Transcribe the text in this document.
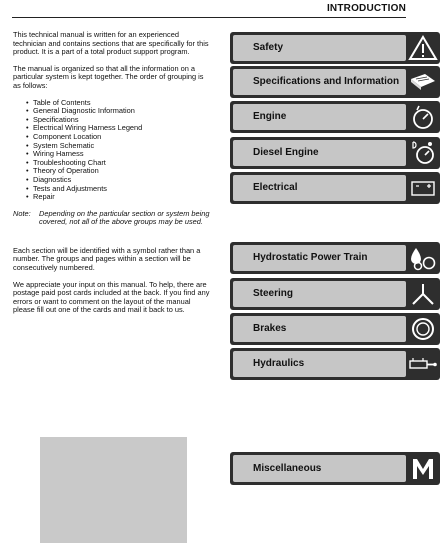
INTRODUCTION

This technical manual is written for an experienced technician and contains sections that are specifically for this product. It is a part of a total product support program.

The manual is organized so that all the information on a particular system is kept together. The order of grouping is as follows:

• Table of Contents
• General Diagnostic Information
• Specifications
• Electrical Wiring Harness Legend
• Component Location
• System Schematic
• Wiring Harness
• Troubleshooting Chart
• Theory of Operation
• Diagnostics
• Tests and Adjustments
• Repair
Note:	Depending on the particular section or system being covered, not all of the above groups may be used.

Each section will be identified with a symbol rather than a number. The groups and pages within a section will be consecutively numbered.

We appreciate your input on this manual. To help, there are postage paid post cards included at the back. If you find any errors or want to comment on the layout of the manual please fill out one of the cards and mail it back to us.

Safety
Specifications and Information
Engine
Diesel Engine
Electrical
Hydrostatic Power Train
Steering
Brakes
Hydraulics
Miscellaneous
